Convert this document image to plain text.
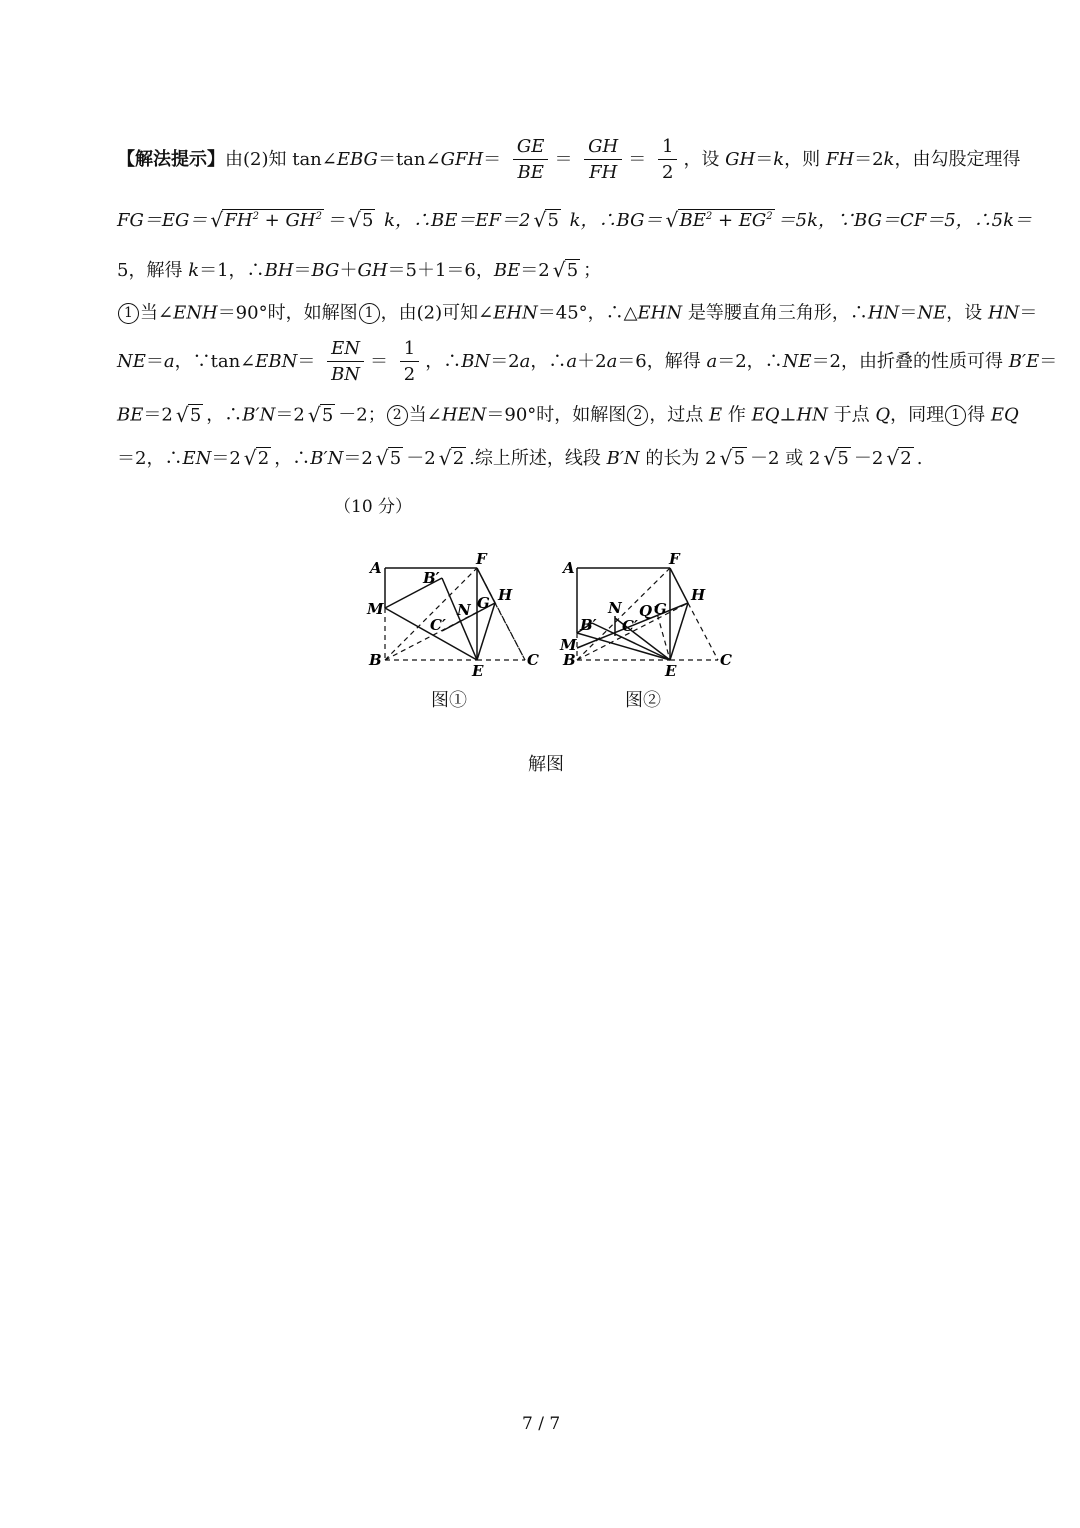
【解法提示】由(2)知 tan∠EBG＝tan∠GFH＝ $\frac{GE}{BE} = \frac{GH}{FH} = \frac{1}{2}$ ，设 GH＝k，则 FH＝2k，由勾股定理得
FG＝EG＝ √ $FH^2 + GH^2$ ＝ √ 5 k，∴BE＝EF＝2 √ 5 k，∴BG＝ √ $BE^2 + EG^2 =5k$，∵BG＝CF＝5，∴5k＝
5，解得 k＝1，∴BH＝BG＋GH＝5＋1＝6，BE＝2 √ 5 ；
1 当∠ENH＝90°时，如解图 1 ，由(2)可知∠EHN＝45°，∴△EHN 是等腰直角三角形，∴HN＝NE，设 HN＝
NE＝a，∵tan∠EBN＝ $\frac{EN}{BN} = \frac{1}{2}$ ，∴BN＝2a，∴a＋2a＝6，解得 a＝2，∴NE＝2，由折叠的性质可得 B′E＝
BE＝2 √ 5 ，∴B′N＝2 √ 5 －2； 2 当∠HEN＝90°时，如解图 2 ，过点 E 作 EQ⊥HN 于点 Q，同理 1 得 EQ
＝2，∴EN＝2 √ 2 ，∴B′N＝2 √ 5 －2 √ 2 .综上所述，线段 B′N 的长为 2 √ 5 －2 或 2 √ 5 －2 √ 2 .
（10 分）
A	F
B′
H
M	N G
C′
B
E
C
图①
A	F
H
N Q G
B′ C′
M
B
E
C
图②
解图
7 / 7
